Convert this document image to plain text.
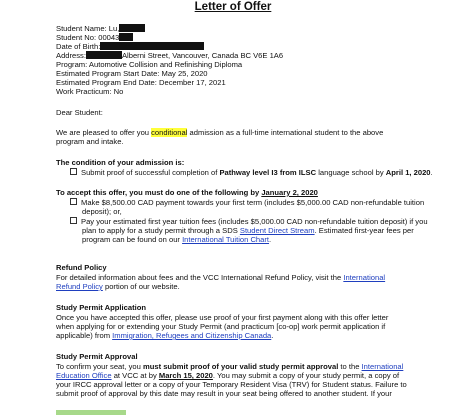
Letter of Offer
Student Name: Lu,
Student No: 00043
Date of Birth:
Address:	Alberni Street, Vancouver, Canada BC V6E 1A6
Program: Automotive Collision and Refinishing Diploma
Estimated Program Start Date: May 25, 2020
Estimated Program End Date: December 17, 2021
Work Practicum: No
Dear Student:
We are pleased to offer you conditional admission as a full-time international student to the above
program and intake.
The condition of your admission is:
Submit proof of successful completion of Pathway level I3 from ILSC language school by April 1, 2020.
To accept this offer, you must do one of the following by January 2, 2020
Make $8,500.00 CAD payment towards your first term (includes $5,000.00 CAD non-refundable tuition
deposit); or,
Pay your estimated first year tuition fees (includes $5,000.00 CAD non-refundable tuition deposit) if you
plan to apply for a study permit through a SDS Student Direct Stream. Estimated first-year fees per
program can be found on our International Tuition Chart.
Refund Policy
For detailed information about fees and the VCC International Refund Policy, visit the International
Refund Policy portion of our website.
Study Permit Application
Once you have accepted this offer, please use proof of your first payment along with this offer letter
when applying for or extending your Study Permit (and practicum [co-op] work permit application if
applicable) from Immigration, Refugees and Citizenship Canada.
Study Permit Approval
To confirm your seat, you must submit proof of your valid study permit approval to the International
Education Office at VCC at by March 15, 2020. You may submit a copy of your study permit, a copy of
your IRCC approval letter or a copy of your Temporary Resident Visa (TRV) for Student status. Failure to
submit proof of approval by this date may result in your seat being offered to another student. If your
